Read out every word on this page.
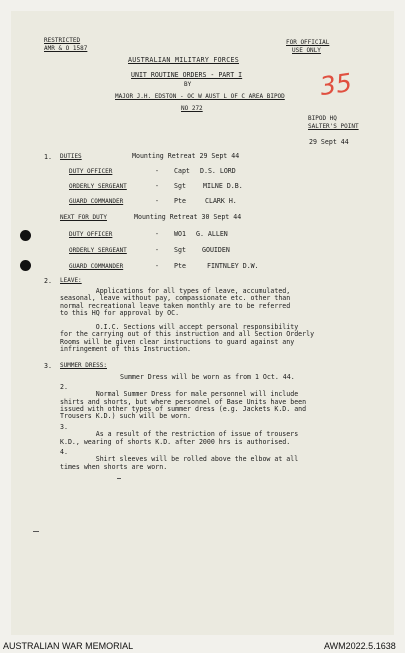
35
RESTRICTED
AMR & O 1587
FOR OFFICIAL
USE ONLY
AUSTRALIAN MILITARY FORCES
UNIT ROUTINE ORDERS - PART I
BY
MAJOR J.H. EDSTON - OC W AUST L OF C AREA BIPOD
NO 272
BIPOD HQ
SALTER'S POINT
29 Sept 44
1. DUTIES	Mounting Retreat 29 Sept 44
DUTY OFFICER	- Capt D.S. LORD
ORDERLY SERGEANT	- Sgt	MILNE D.B.
GUARD COMMANDER	- Pte	CLARK H.
NEXT FOR DUTY	Mounting Retreat 30 Sept 44
DUTY OFFICER	- WO1 G. ALLEN
ORDERLY SERGEANT	- Sgt GOUIDEN
GUARD COMMANDER	- Pte	FINTNLEY D.W.
2. LEAVE:
Applications for all types of leave, accumulated,
seasonal, leave without pay, compassionate etc. other than
normal recreational leave taken monthly are to be referred
to this HQ for approval by OC.
O.I.C. Sections will accept personal responsibility
for the carrying out of this instruction and all Section Orderly
Rooms will be given clear instructions to guard against any
infringement of this Instruction.
3. SUMMER DRESS:
Summer Dress will be worn as from 1 Oct. 44.
2.
Normal Summer Dress for male personnel will include
shirts and shorts, but where personnel of Base Units have been
issued with other types of summer dress (e.g. Jackets K.D. and
Trousers K.D.) such will be worn.
3.
As a result of the restriction of issue of trousers
K.D., wearing of shorts K.D. after 2000 hrs is authorised.
4.
Shirt sleeves will be rolled above the elbow at all
times when shorts are worn.
AUSTRALIAN WAR MEMORIAL	AWM2022.5.1638
